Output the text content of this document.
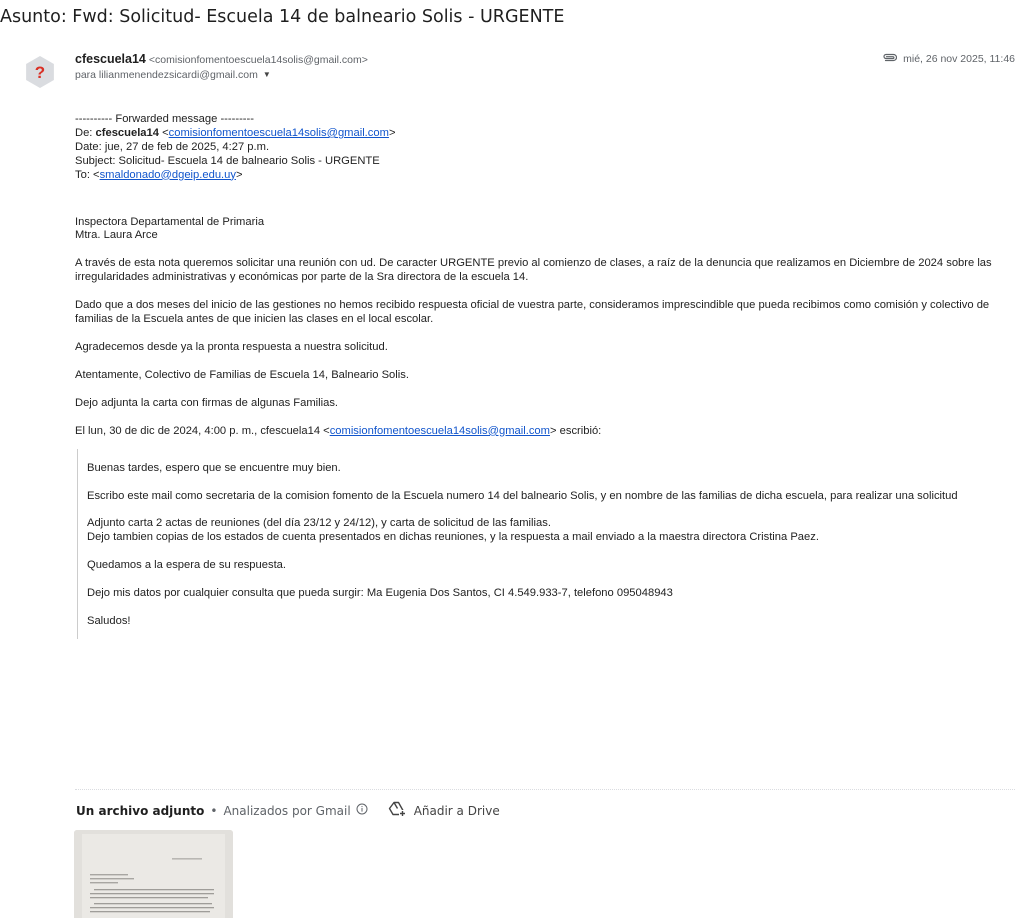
Asunto: Fwd: Solicitud- Escuela 14 de balneario Solis - URGENTE
?
cfescuela14 <comisionfomentoescuela14solis@gmail.com>
para lilianmenendezsicardi@gmail.com ▼
mié, 26 nov 2025, 11:46

---------- Forwarded message ---------

De: cfescuela14 <comisionfomentoescuela14solis@gmail.com>

Date: jue, 27 de feb de 2025, 4:27 p.m.

Subject: Solicitud- Escuela 14 de balneario Solis - URGENTE

To: <smaldonado@dgeip.edu.uy>

Inspectora Departamental de Primaria

Mtra. Laura Arce

A través de esta nota queremos solicitar una reunión con ud. De caracter URGENTE previo al comienzo de clases, a raíz de la denuncia que realizamos en Diciembre de 2024 sobre las irregularidades administrativas y económicas por parte de la Sra directora de la escuela 14.

Dado que a dos meses del inicio de las gestiones no hemos recibido respuesta oficial de vuestra parte, consideramos imprescindible que pueda recibimos como comisión y colectivo de familias de la Escuela antes de que inicien las clases en el local escolar.

Agradecemos desde ya la pronta respuesta a nuestra solicitud.

Atentamente, Colectivo de Familias de Escuela 14, Balneario Solis.

Dejo adjunta la carta con firmas de algunas Familias.

El lun, 30 de dic de 2024, 4:00 p. m., cfescuela14 <comisionfomentoescuela14solis@gmail.com> escribió:

Buenas tardes, espero que se encuentre muy bien.

Escribo este mail como secretaria de la comision fomento de la Escuela numero 14 del balneario Solis, y en nombre de las familias de dicha escuela, para realizar una solicitud

Adjunto carta 2 actas de reuniones (del día 23/12 y 24/12), y carta de solicitud de las familias.

Dejo tambien copias de los estados de cuenta presentados en dichas reuniones, y la respuesta a mail enviado a la maestra directora Cristina Paez.

Quedamos a la espera de su respuesta.

Dejo mis datos por cualquier consulta que pueda surgir: Ma Eugenia Dos Santos, CI 4.549.933-7, telefono 095048943

Saludos!

Un archivo adjunto • Analizados por Gmail	Añadir a Drive
